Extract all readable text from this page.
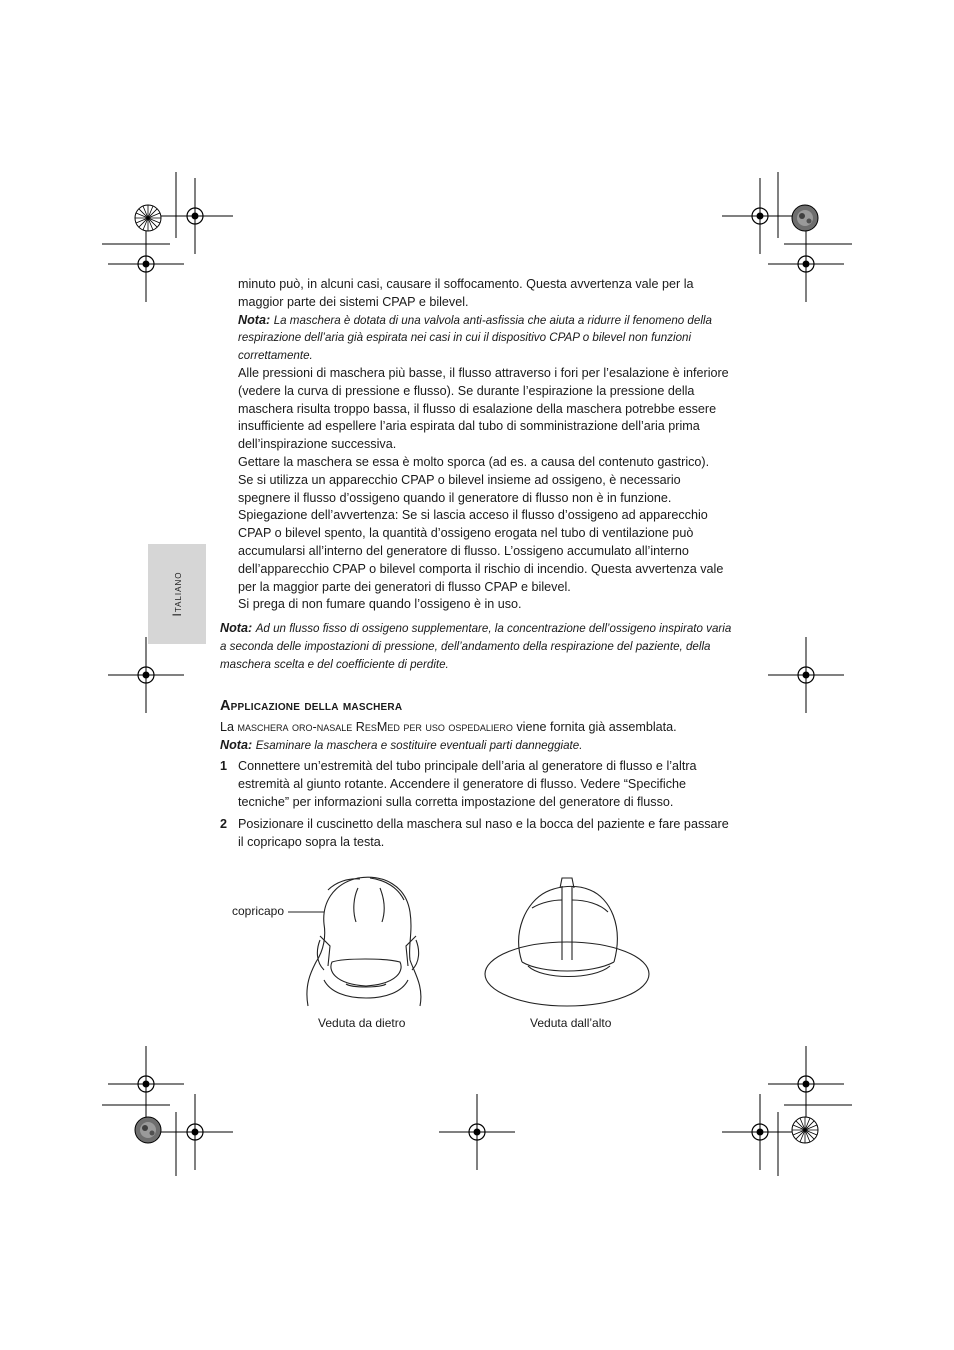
Italiano

minuto può, in alcuni casi, causare il soffocamento. Questa avvertenza vale per la maggior parte dei sistemi CPAP e bilevel.

Nota: La maschera è dotata di una valvola anti-asfissia che aiuta a ridurre il fenomeno della respirazione dell’aria già espirata nei casi in cui il dispositivo CPAP o bilevel non funzioni correttamente.

Alle pressioni di maschera più basse, il flusso attraverso i fori per l’esalazione è inferiore (vedere la curva di pressione e flusso). Se durante l’espirazione la pressione della maschera risulta troppo bassa, il flusso di esalazione della maschera potrebbe essere insufficiente ad espellere l’aria espirata dal tubo di somministrazione dell’aria prima dell’inspirazione successiva.

Gettare la maschera se essa è molto sporca (ad es. a causa del contenuto gastrico).

Se si utilizza un apparecchio CPAP o bilevel insieme ad ossigeno, è necessario spegnere il flusso d’ossigeno quando il generatore di flusso non è in funzione.

Spiegazione dell’avvertenza: Se si lascia acceso il flusso d’ossigeno ad apparecchio CPAP o bilevel spento, la quantità d’ossigeno erogata nel tubo di ventilazione può accumularsi all’interno del generatore di flusso. L’ossigeno accumulato all’interno dell’apparecchio CPAP o bilevel comporta il rischio di incendio. Questa avvertenza vale per la maggior parte dei generatori di flusso CPAP e bilevel.

Si prega di non fumare quando l’ossigeno è in uso.

Nota: Ad un flusso fisso di ossigeno supplementare, la concentrazione dell’ossigeno inspirato varia a seconda delle impostazioni di pressione, dell’andamento della respirazione del paziente, della maschera scelta e del coefficiente di perdite.

Applicazione della maschera

La maschera oro-nasale ResMed per uso ospedaliero viene fornita già assemblata.

Nota: Esaminare la maschera e sostituire eventuali parti danneggiate.

1 Connettere un’estremità del tubo principale dell’aria al generatore di flusso e l’altra estremità al giunto rotante. Accendere il generatore di flusso. Vedere “Specifiche tecniche” per informazioni sulla corretta impostazione del generatore di flusso.

2 Posizionare il cuscinetto della maschera sul naso e la bocca del paziente e fare passare il copricapo sopra la testa.

copricapo
Veduta da dietro	Veduta dall’alto
